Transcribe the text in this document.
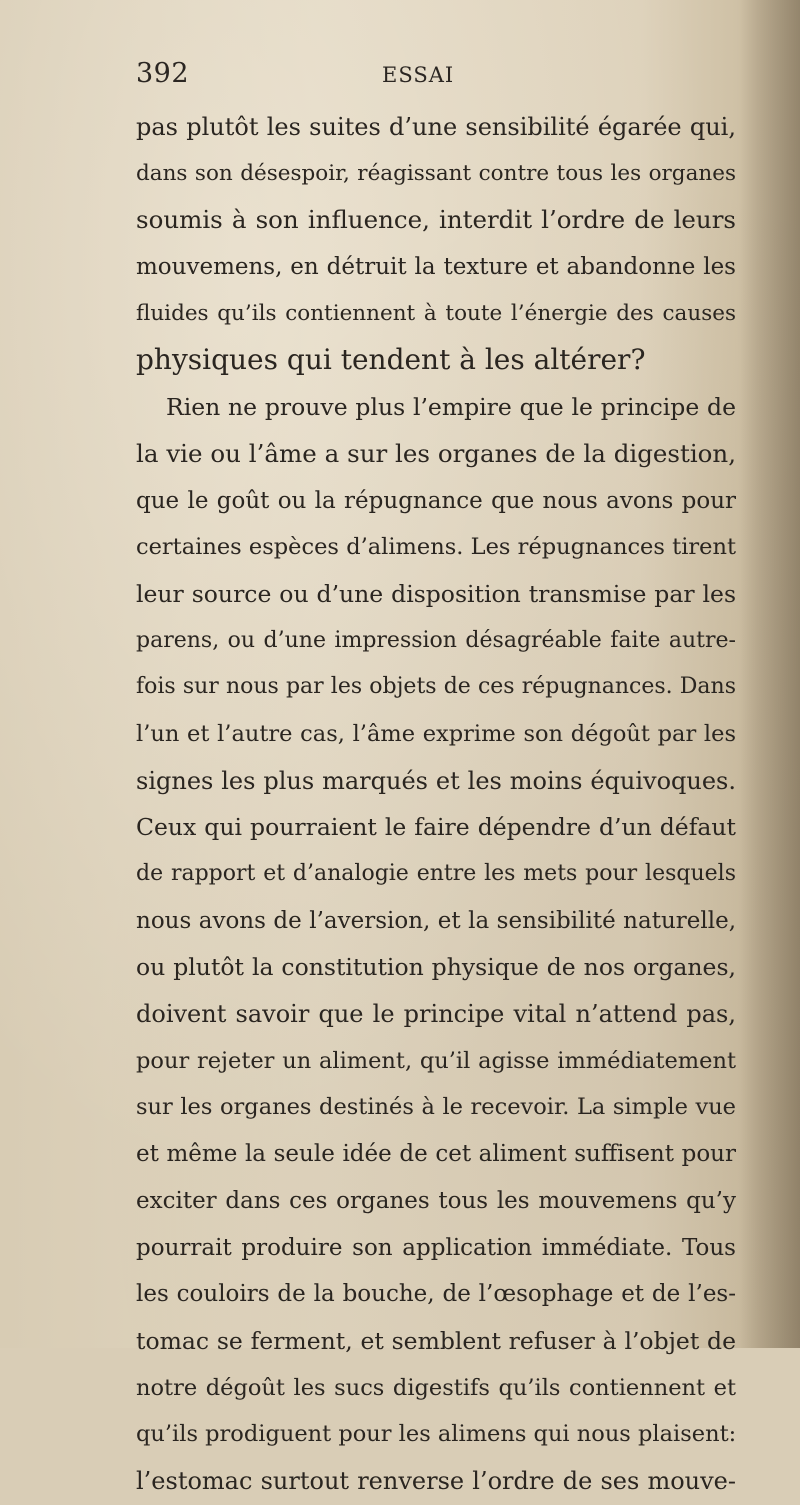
392	ESSAI
pas plutôt les suites d’une sensibilité égarée qui,
dans son désespoir, réagissant contre tous les organes
soumis à son influence, interdit l’ordre de leurs
mouvemens, en détruit la texture et abandonne les
fluides qu’ils contiennent à toute l’énergie des causes
physiques qui tendent à les altérer?
Rien ne prouve plus l’empire que le principe de
la vie ou l’âme a sur les organes de la digestion,
que le goût ou la répugnance que nous avons pour
certaines espèces d’alimens. Les répugnances tirent
leur source ou d’une disposition transmise par les
parens, ou d’une impression désagréable faite autre-
fois sur nous par les objets de ces répugnances. Dans
l’un et l’autre cas, l’âme exprime son dégoût par les
signes les plus marqués et les moins équivoques.
Ceux qui pourraient le faire dépendre d’un défaut
de rapport et d’analogie entre les mets pour lesquels
nous avons de l’aversion, et la sensibilité naturelle,
ou plutôt la constitution physique de nos organes,
doivent savoir que le principe vital n’attend pas,
pour rejeter un aliment, qu’il agisse immédiatement
sur les organes destinés à le recevoir. La simple vue
et même la seule idée de cet aliment suffisent pour
exciter dans ces organes tous les mouvemens qu’y
pourrait produire son application immédiate. Tous
les couloirs de la bouche, de l’œsophage et de l’es-
tomac se ferment, et semblent refuser à l’objet de
notre dégoût les sucs digestifs qu’ils contiennent et
qu’ils prodiguent pour les alimens qui nous plaisent:
l’estomac surtout renverse l’ordre de ses mouve-
